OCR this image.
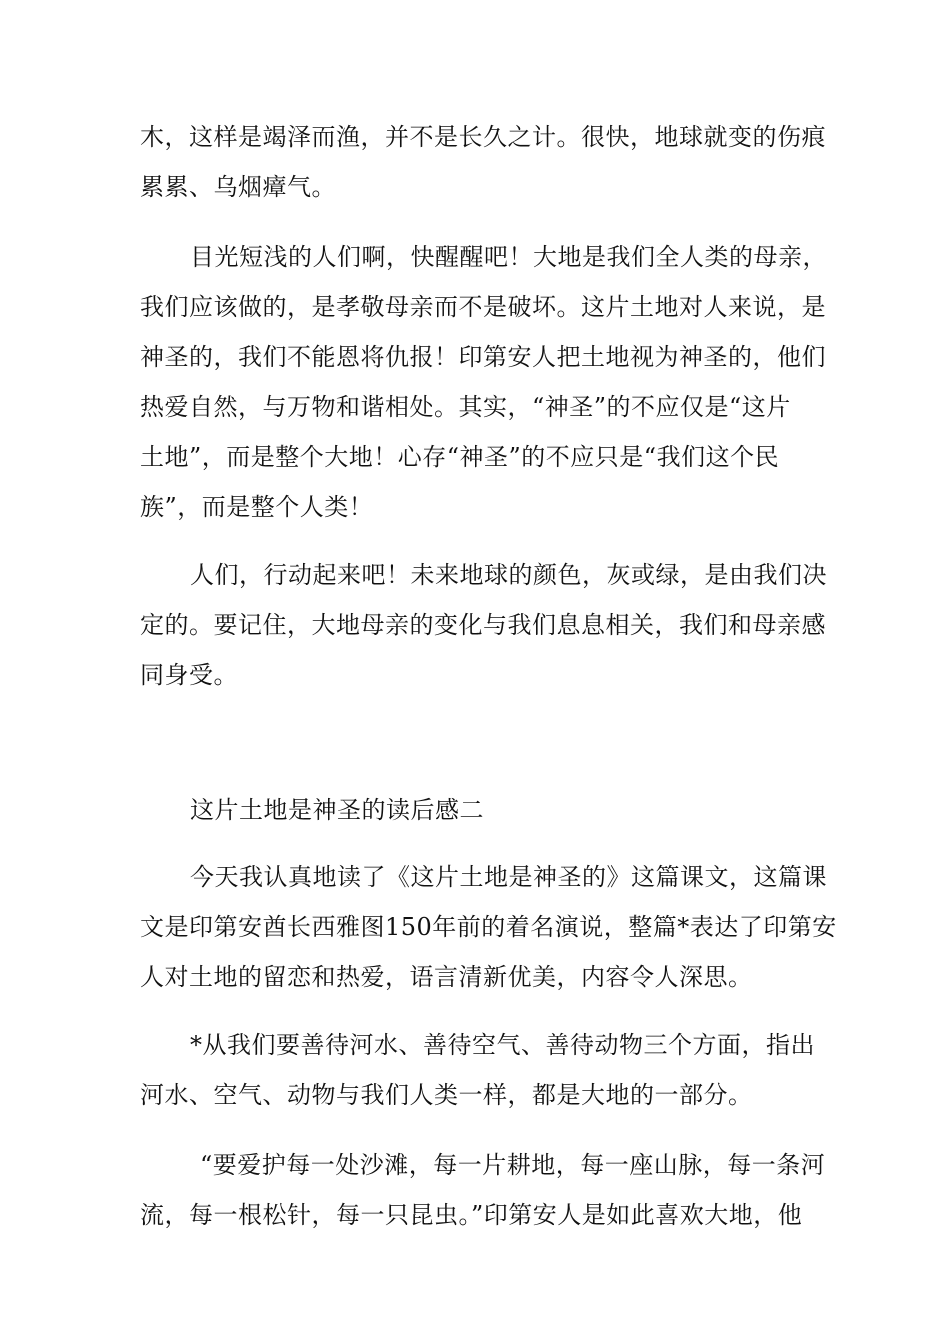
木，这样是竭泽而渔，并不是长久之计。很快，地球就变的伤痕
累累、乌烟瘴气。
目光短浅的人们啊，快醒醒吧！大地是我们全人类的母亲，
我们应该做的，是孝敬母亲而不是破坏。这片土地对人来说，是
神圣的，我们不能恩将仇报！印第安人把土地视为神圣的，他们
热爱自然，与万物和谐相处。其实，“神圣”的不应仅是“这片
土地”，而是整个大地！心存“神圣”的不应只是“我们这个民
族”，而是整个人类！
人们，行动起来吧！未来地球的颜色，灰或绿，是由我们决
定的。要记住，大地母亲的变化与我们息息相关，我们和母亲感
同身受。
这片土地是神圣的读后感二
今天我认真地读了《这片土地是神圣的》这篇课文，这篇课
文是印第安酋长西雅图150年前的着名演说，整篇*表达了印第安
人对土地的留恋和热爱，语言清新优美，内容令人深思。
*从我们要善待河水、善待空气、善待动物三个方面，指出
河水、空气、动物与我们人类一样，都是大地的一部分。
“要爱护每一处沙滩，每一片耕地，每一座山脉，每一条河
流，每一根松针，每一只昆虫。”印第安人是如此喜欢大地，他
